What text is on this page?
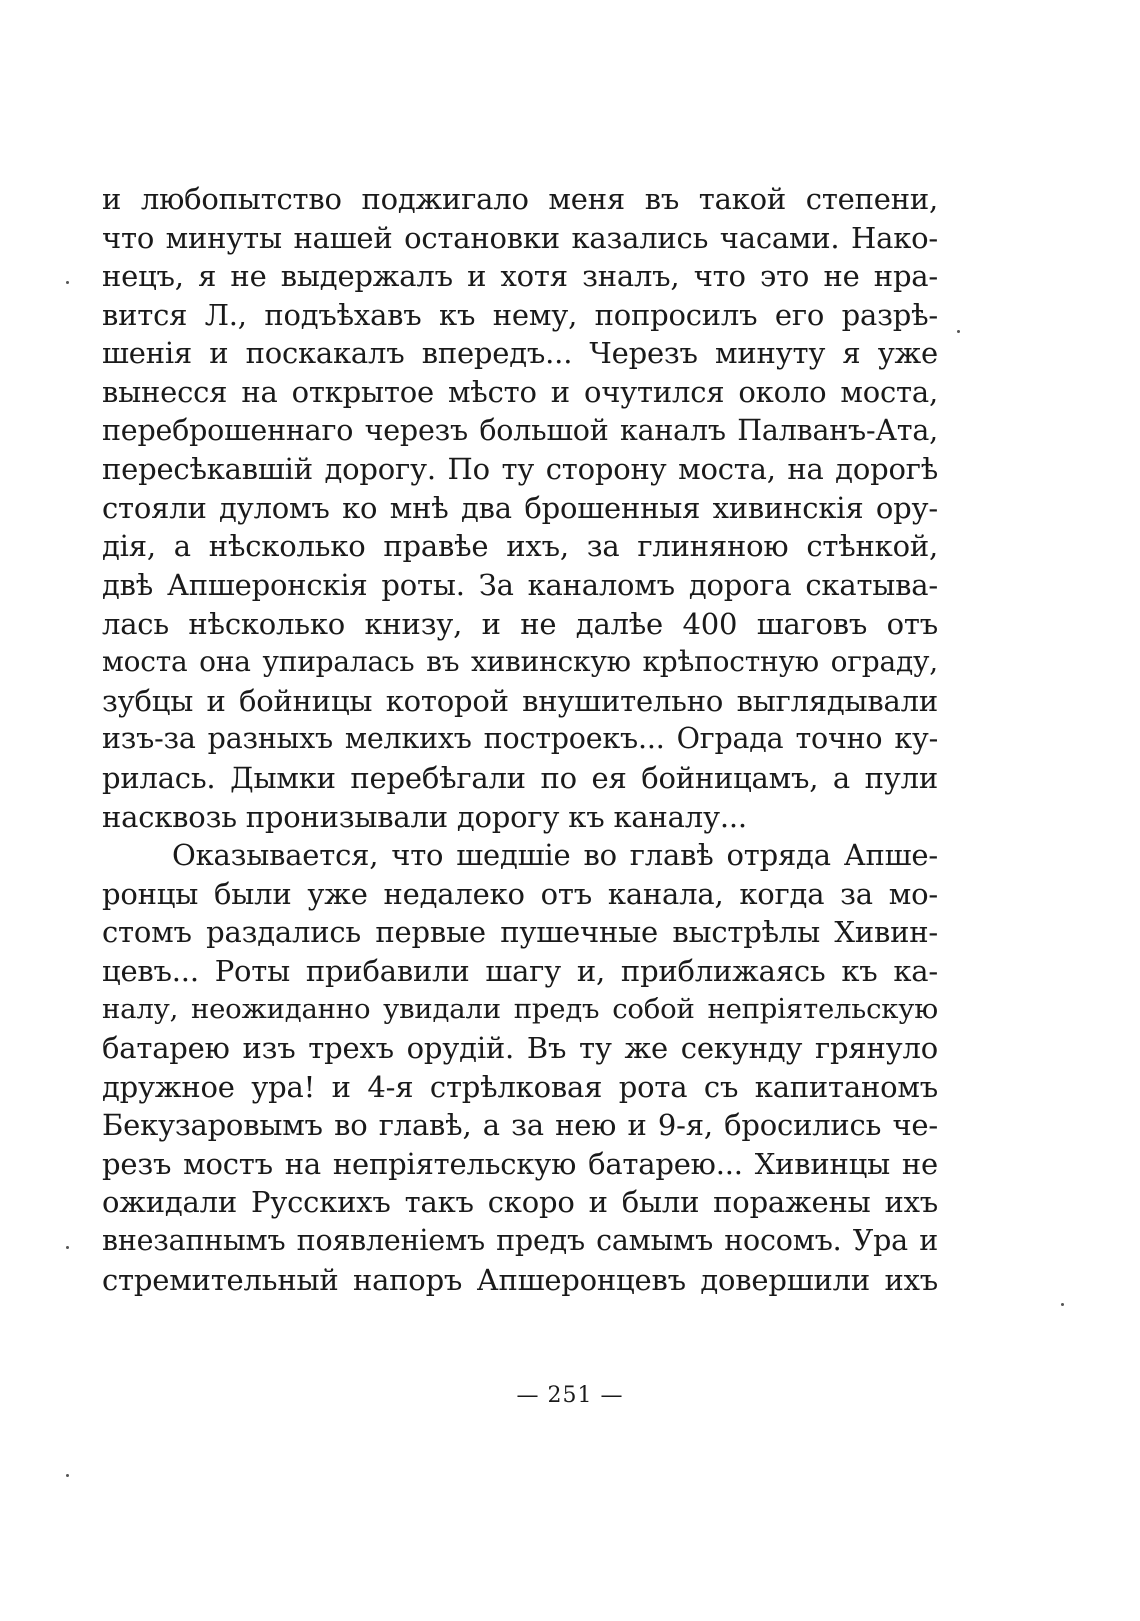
и любопытство поджигало меня въ такой степени,
что минуты нашей остановки казались часами. Нако-
нецъ, я не выдержалъ и хотя зналъ, что это не нра-
вится Л., подъѣхавъ къ нему, попросилъ его разрѣ-
шенія и поскакалъ впередъ... Черезъ минуту я уже
вынесся на открытое мѣсто и очутился около моста,
переброшеннаго черезъ большой каналъ Палванъ-Ата,
пересѣкавшій дорогу. По ту сторону моста, на дорогѣ
стояли дуломъ ко мнѣ два брошенныя хивинскія ору-
дія, а нѣсколько правѣе ихъ, за глиняною стѣнкой,
двѣ Апшеронскія роты. За каналомъ дорога скатыва-
лась нѣсколько книзу, и не далѣе 400 шаговъ отъ
моста она упиралась въ хивинскую крѣпостную ограду,
зубцы и бойницы которой внушительно выглядывали
изъ-за разныхъ мелкихъ построекъ... Ограда точно ку-
рилась. Дымки перебѣгали по ея бойницамъ, а пули
насквозь пронизывали дорогу къ каналу...
Оказывается, что шедшіе во главѣ отряда Апше-
ронцы были уже недалеко отъ канала, когда за мо-
стомъ раздались первые пушечные выстрѣлы Хивин-
цевъ... Роты прибавили шагу и, приближаясь къ ка-
налу, неожиданно увидали предъ собой непріятельскую
батарею изъ трехъ орудій. Въ ту же секунду грянуло
дружное ура! и 4-я стрѣлковая рота съ капитаномъ
Бекузаровымъ во главѣ, а за нею и 9-я, бросились че-
резъ мостъ на непріятельскую батарею... Хивинцы не
ожидали Русскихъ такъ скоро и были поражены ихъ
внезапнымъ появленіемъ предъ самымъ носомъ. Ура и
стремительный напоръ Апшеронцевъ довершили ихъ
— 251 —
